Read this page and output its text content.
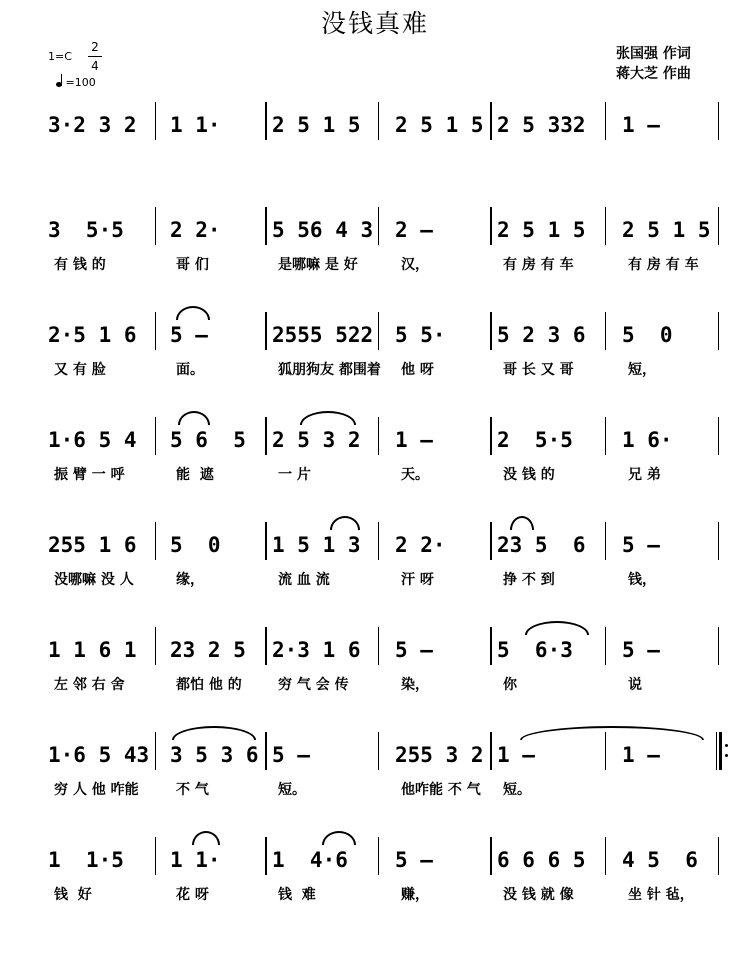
没钱真难
1=C
2
4
=100
张国强 作词
蒋大芝 作曲
3·2 3 2 1 1· 2 5 1 5 2 5 1 5 2 5 332 1 –
3  5·5
有 钱 的
2 2·
哥 们
5 56 4 3
是哪嘛 是 好
2 –
汉，
2 5 1 5
有 房 有 车
2 5 1 5
有 房 有 车
2·5 1 6
又 有 脸
5 –
面。
2555 522
狐朋狗友 都围着
5 5·
他 呀
5 2 3 6
哥 长 又 哥
5  0
短，
1·6 5 4
振 臂 一 呼
5 6  5
能  遮
2 5 3 2
一 片
1 –
天。
2  5·5
没 钱 的
1 6·
兄 弟
255 1 6
没哪嘛 没 人
5  0
缘，
1 5 1 3
流 血 流
2 2·
汗 呀
23 5  6
挣 不 到
5 –
钱，
1 1 6 1
左 邻 右 舍
23 2 5
都怕 他 的
2·3 1 6
穷 气 会 传
5 –
染，
5  6·3
你
5 –
说
1·6 5 43
穷 人 他 咋能
3 5 3 6
不 气
5 –
短。
255 3 2
他咋能 不 气
1 –
短。
1 –
1  1·5
钱  好
1 1·
花 呀
1  4·6
钱  难
5 –
赚，
6 6 6 5
没 钱 就 像
4 5  6
坐 针 毡，
